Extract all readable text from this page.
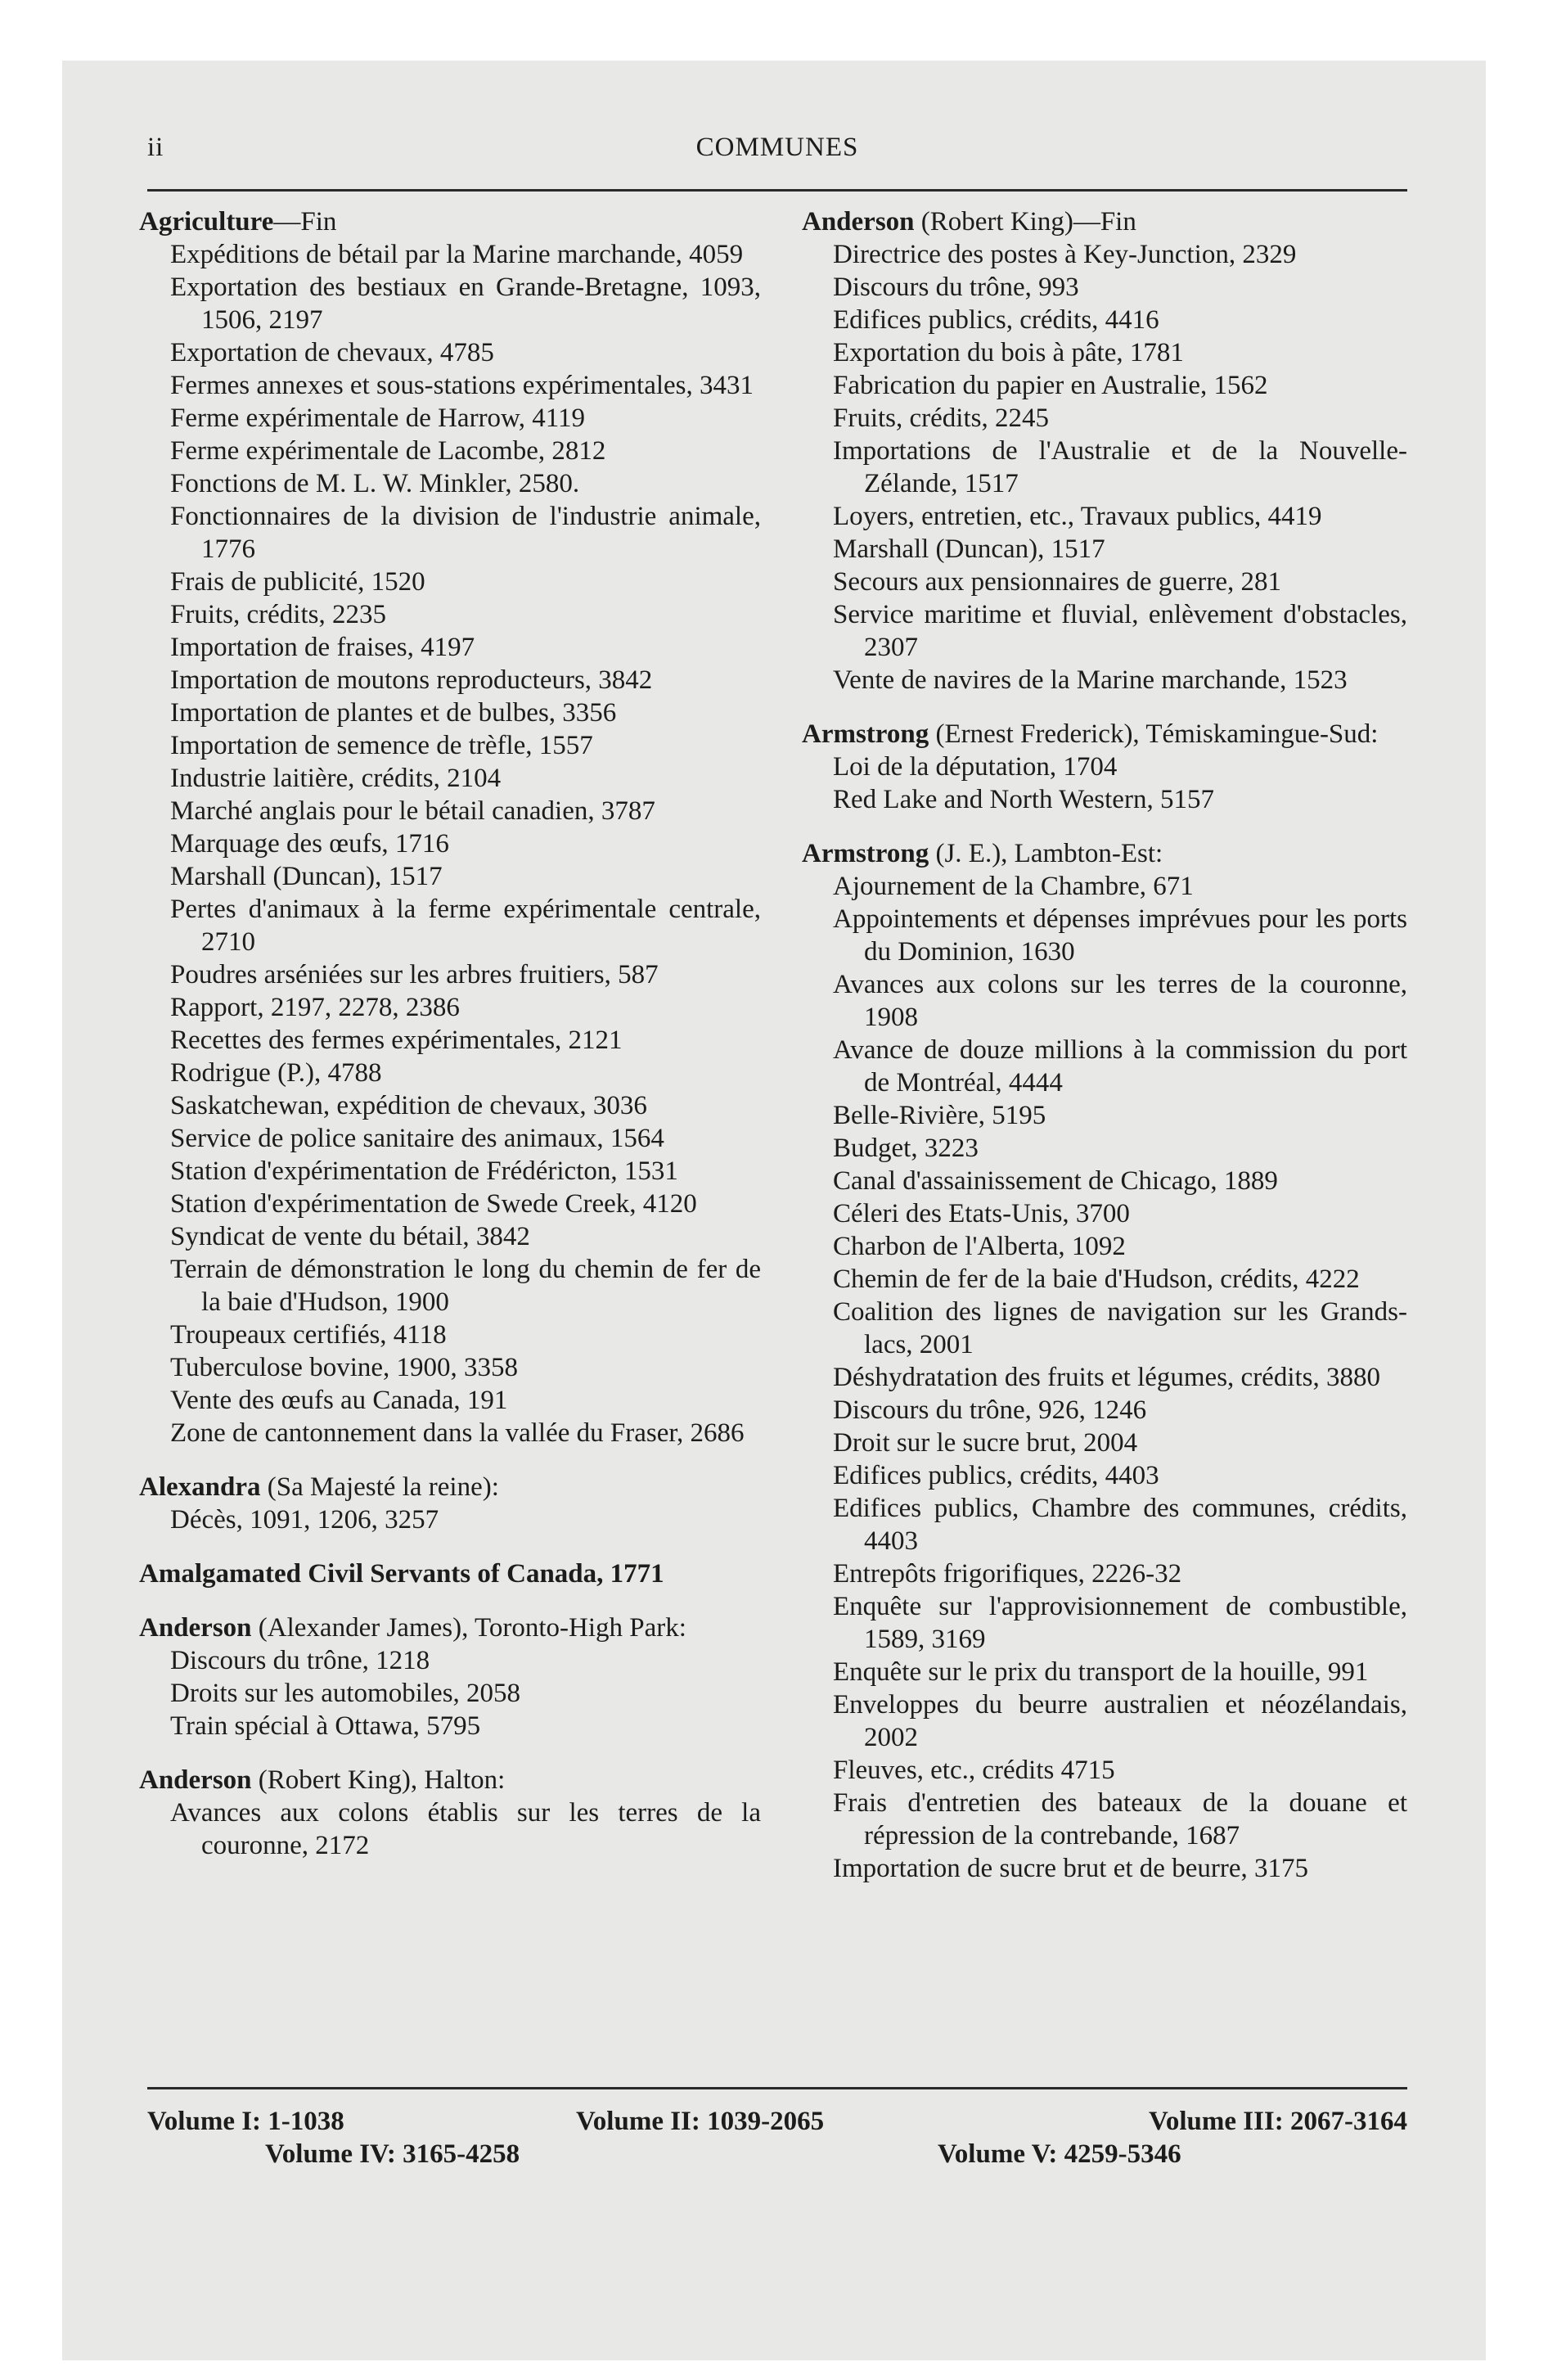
ii	COMMUNES

Agriculture—Fin

Expéditions de bétail par la Marine marchande, 4059

Exportation des bestiaux en Grande-Bretagne, 1093, 1506, 2197

Exportation de chevaux, 4785

Fermes annexes et sous-stations expérimentales, 3431

Ferme expérimentale de Harrow, 4119

Ferme expérimentale de Lacombe, 2812

Fonctions de M. L. W. Minkler, 2580.

Fonctionnaires de la division de l'industrie animale, 1776

Frais de publicité, 1520

Fruits, crédits, 2235

Importation de fraises, 4197

Importation de moutons reproducteurs, 3842

Importation de plantes et de bulbes, 3356

Importation de semence de trèfle, 1557

Industrie laitière, crédits, 2104

Marché anglais pour le bétail canadien, 3787

Marquage des œufs, 1716

Marshall (Duncan), 1517

Pertes d'animaux à la ferme expérimentale centrale, 2710

Poudres arséniées sur les arbres fruitiers, 587

Rapport, 2197, 2278, 2386

Recettes des fermes expérimentales, 2121

Rodrigue (P.), 4788

Saskatchewan, expédition de chevaux, 3036

Service de police sanitaire des animaux, 1564

Station d'expérimentation de Frédéricton, 1531

Station d'expérimentation de Swede Creek, 4120

Syndicat de vente du bétail, 3842

Terrain de démonstration le long du chemin de fer de la baie d'Hudson, 1900

Troupeaux certifiés, 4118

Tuberculose bovine, 1900, 3358

Vente des œufs au Canada, 191

Zone de cantonnement dans la vallée du Fraser, 2686

Alexandra (Sa Majesté la reine):

Décès, 1091, 1206, 3257

Amalgamated Civil Servants of Canada, 1771

Anderson (Alexander James), Toronto-High Park:

Discours du trône, 1218

Droits sur les automobiles, 2058

Train spécial à Ottawa, 5795

Anderson (Robert King), Halton:

Avances aux colons établis sur les terres de la couronne, 2172

Anderson (Robert King)—Fin

Directrice des postes à Key-Junction, 2329

Discours du trône, 993

Edifices publics, crédits, 4416

Exportation du bois à pâte, 1781

Fabrication du papier en Australie, 1562

Fruits, crédits, 2245

Importations de l'Australie et de la Nouvelle-Zélande, 1517

Loyers, entretien, etc., Travaux publics, 4419

Marshall (Duncan), 1517

Secours aux pensionnaires de guerre, 281

Service maritime et fluvial, enlèvement d'obstacles, 2307

Vente de navires de la Marine marchande, 1523

Armstrong (Ernest Frederick), Témiskamingue-Sud:

Loi de la députation, 1704

Red Lake and North Western, 5157

Armstrong (J. E.), Lambton-Est:

Ajournement de la Chambre, 671

Appointements et dépenses imprévues pour les ports du Dominion, 1630

Avances aux colons sur les terres de la couronne, 1908

Avance de douze millions à la commission du port de Montréal, 4444

Belle-Rivière, 5195

Budget, 3223

Canal d'assainissement de Chicago, 1889

Céleri des Etats-Unis, 3700

Charbon de l'Alberta, 1092

Chemin de fer de la baie d'Hudson, crédits, 4222

Coalition des lignes de navigation sur les Grands-lacs, 2001

Déshydratation des fruits et légumes, crédits, 3880

Discours du trône, 926, 1246

Droit sur le sucre brut, 2004

Edifices publics, crédits, 4403

Edifices publics, Chambre des communes, crédits, 4403

Entrepôts frigorifiques, 2226-32

Enquête sur l'approvisionnement de combustible, 1589, 3169

Enquête sur le prix du transport de la houille, 991

Enveloppes du beurre australien et néozélandais, 2002

Fleuves, etc., crédits 4715

Frais d'entretien des bateaux de la douane et répression de la contrebande, 1687

Importation de sucre brut et de beurre, 3175

Volume I: 1-1038	Volume II: 1039-2065	Volume III: 2067-3164
Volume IV: 3165-4258	Volume V: 4259-5346
